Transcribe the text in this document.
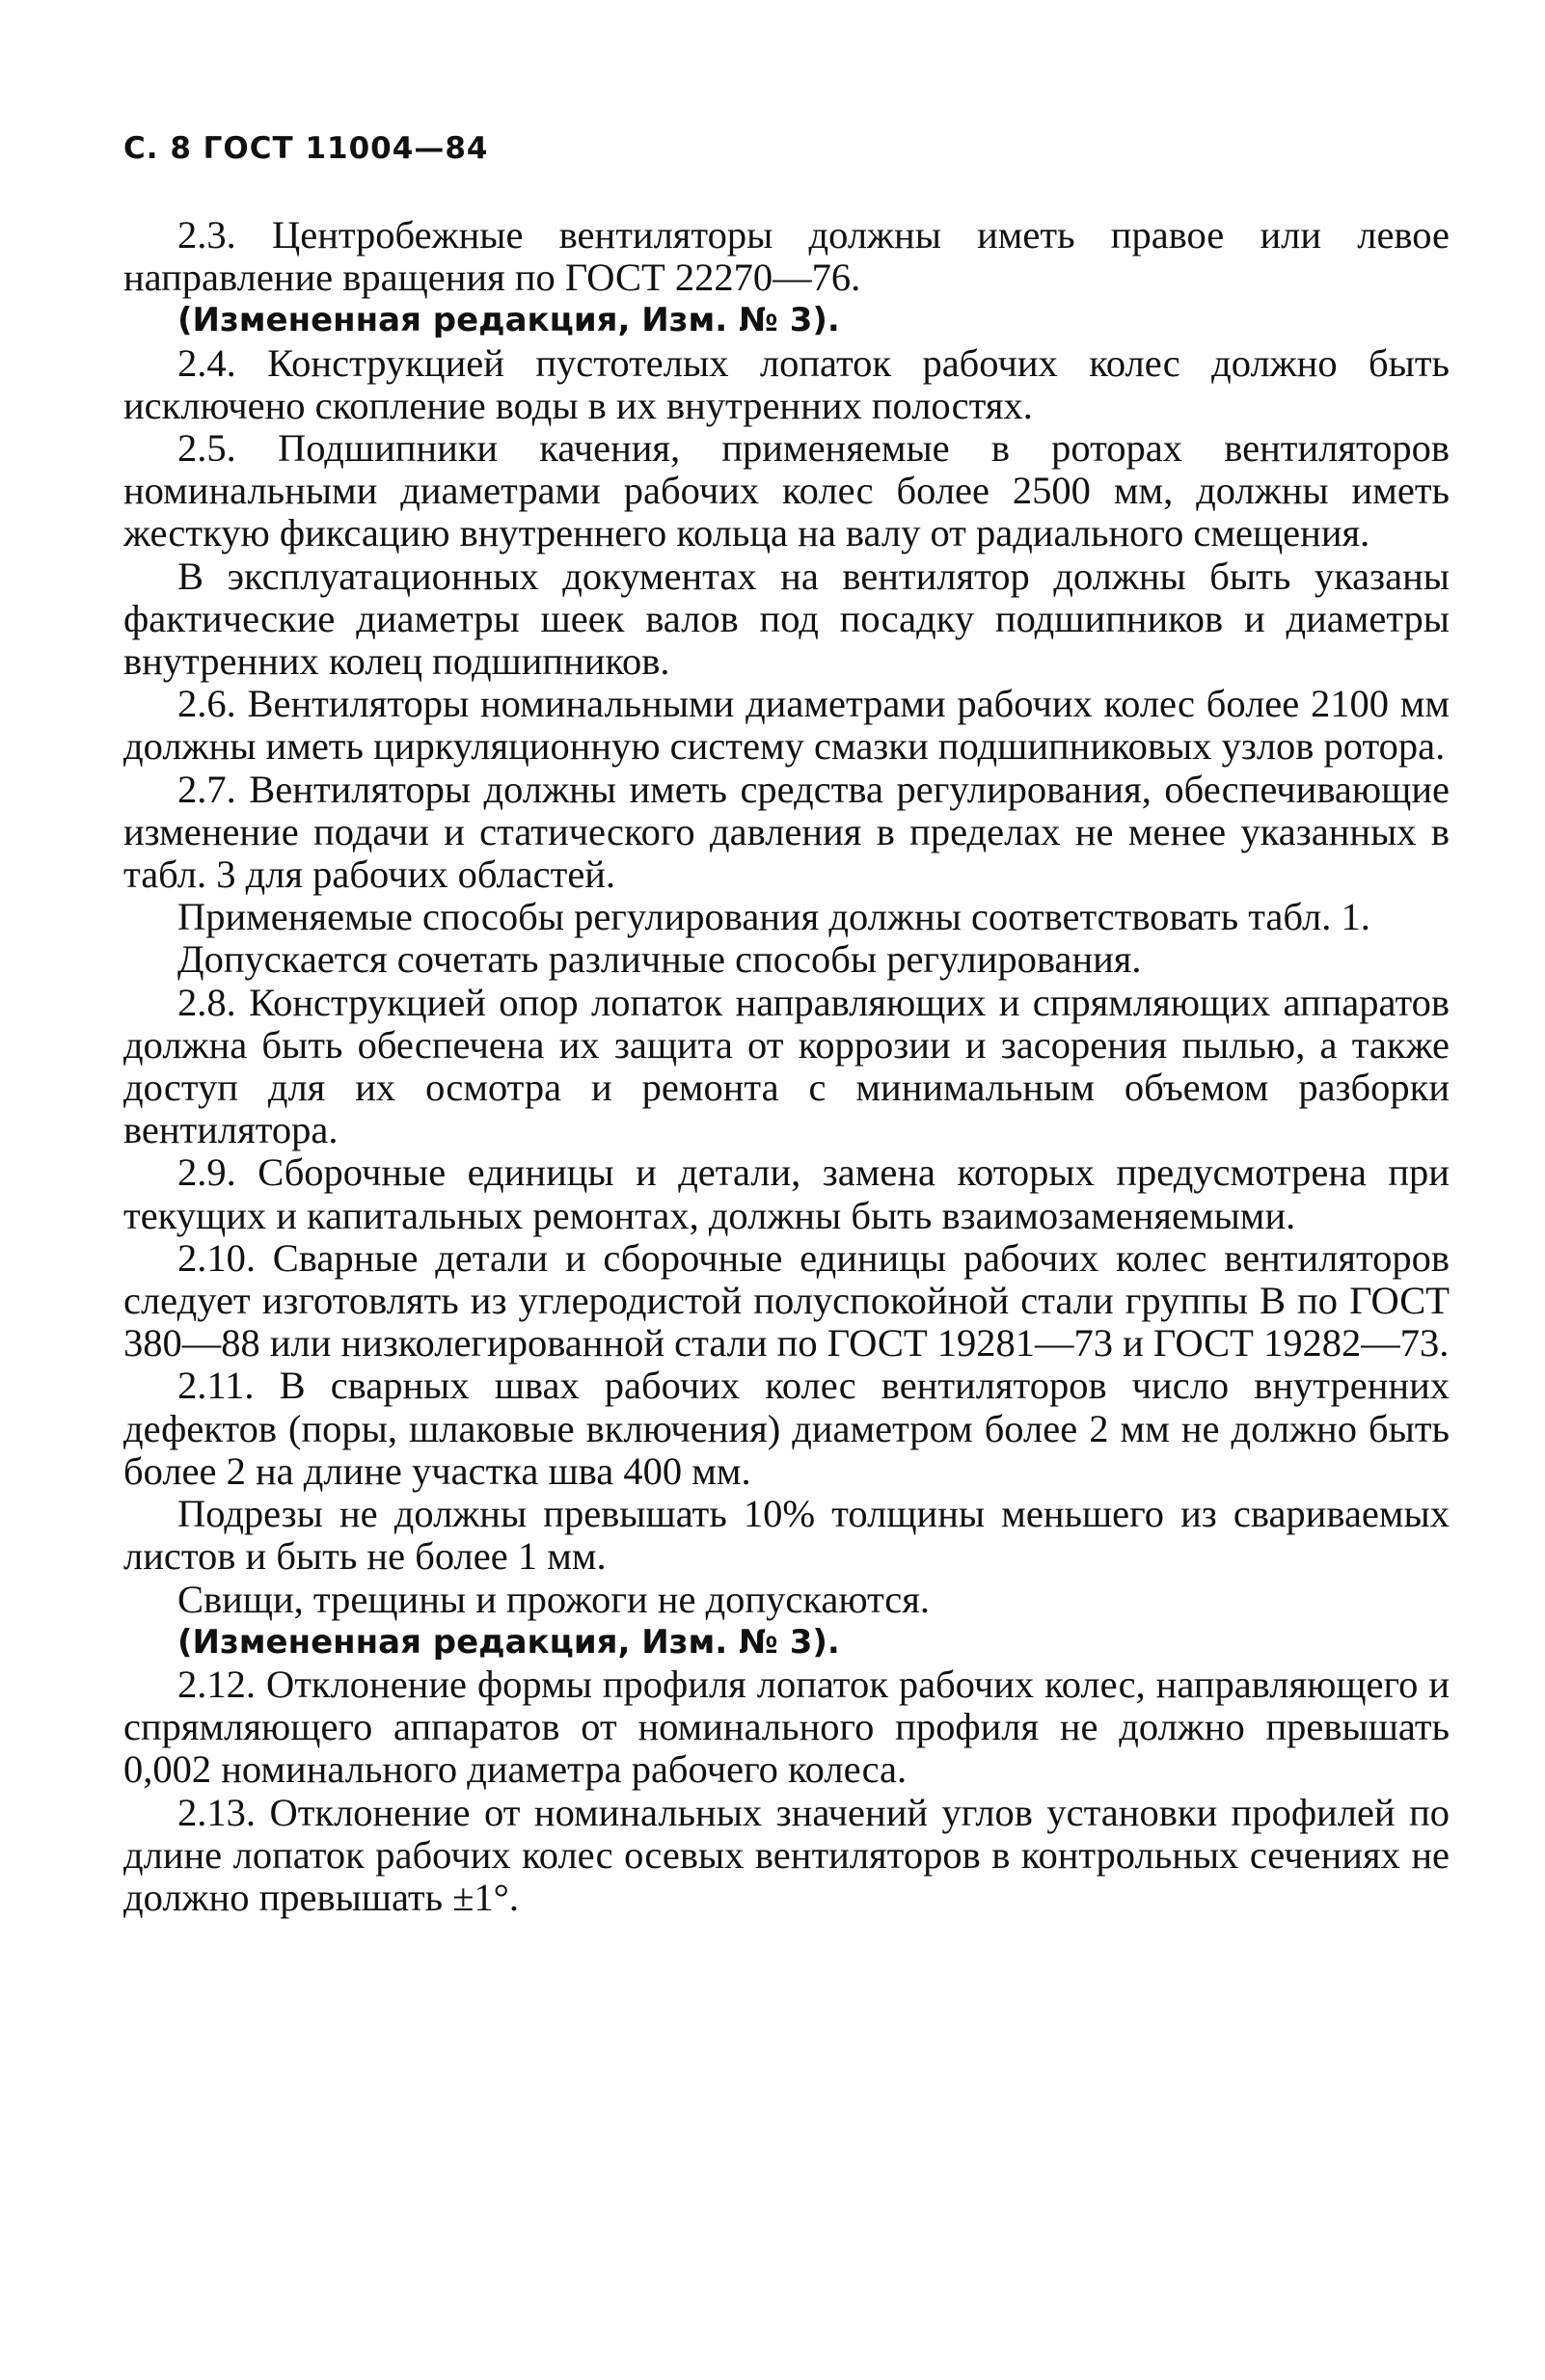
С. 8 ГОСТ 11004—84

2.3. Центробежные вентиляторы должны иметь правое или левое направление вращения по ГОСТ 22270—76.

(Измененная редакция, Изм. № 3).

2.4. Конструкцией пустотелых лопаток рабочих колес должно быть исключено скопление воды в их внутренних полостях.

2.5. Подшипники качения, применяемые в роторах вентиляторов номинальными диаметрами рабочих колес более 2500 мм, должны иметь жесткую фиксацию внутреннего кольца на валу от радиального смещения.

В эксплуатационных документах на вентилятор должны быть указаны фактические диаметры шеек валов под посадку подшипников и диаметры внутренних колец подшипников.

2.6. Вентиляторы номинальными диаметрами рабочих колес более 2100 мм должны иметь циркуляционную систему смазки подшипниковых узлов ротора.

2.7. Вентиляторы должны иметь средства регулирования, обеспечивающие изменение подачи и статического давления в пределах не менее указанных в табл. 3 для рабочих областей.

Применяемые способы регулирования должны соответствовать табл. 1.

Допускается сочетать различные способы регулирования.

2.8. Конструкцией опор лопаток направляющих и спрямляющих аппаратов должна быть обеспечена их защита от коррозии и засорения пылью, а также доступ для их осмотра и ремонта с минимальным объемом разборки вентилятора.

2.9. Сборочные единицы и детали, замена которых предусмотрена при текущих и капитальных ремонтах, должны быть взаимозаменяемыми.

2.10. Сварные детали и сборочные единицы рабочих колес вентиляторов следует изготовлять из углеродистой полуспокойной стали группы В по ГОСТ 380—88 или низколегированной стали по ГОСТ 19281—73 и ГОСТ 19282—73.

2.11. В сварных швах рабочих колес вентиляторов число внутренних дефектов (поры, шлаковые включения) диаметром более 2 мм не должно быть более 2 на длине участка шва 400 мм.

Подрезы не должны превышать 10% толщины меньшего из свариваемых листов и быть не более 1 мм.

Свищи, трещины и прожоги не допускаются.

(Измененная редакция, Изм. № 3).

2.12. Отклонение формы профиля лопаток рабочих колес, направляющего и спрямляющего аппаратов от номинального профиля не должно превышать 0,002 номинального диаметра рабочего колеса.

2.13. Отклонение от номинальных значений углов установки профилей по длине лопаток рабочих колес осевых вентиляторов в контрольных сечениях не должно превышать ±1°.
